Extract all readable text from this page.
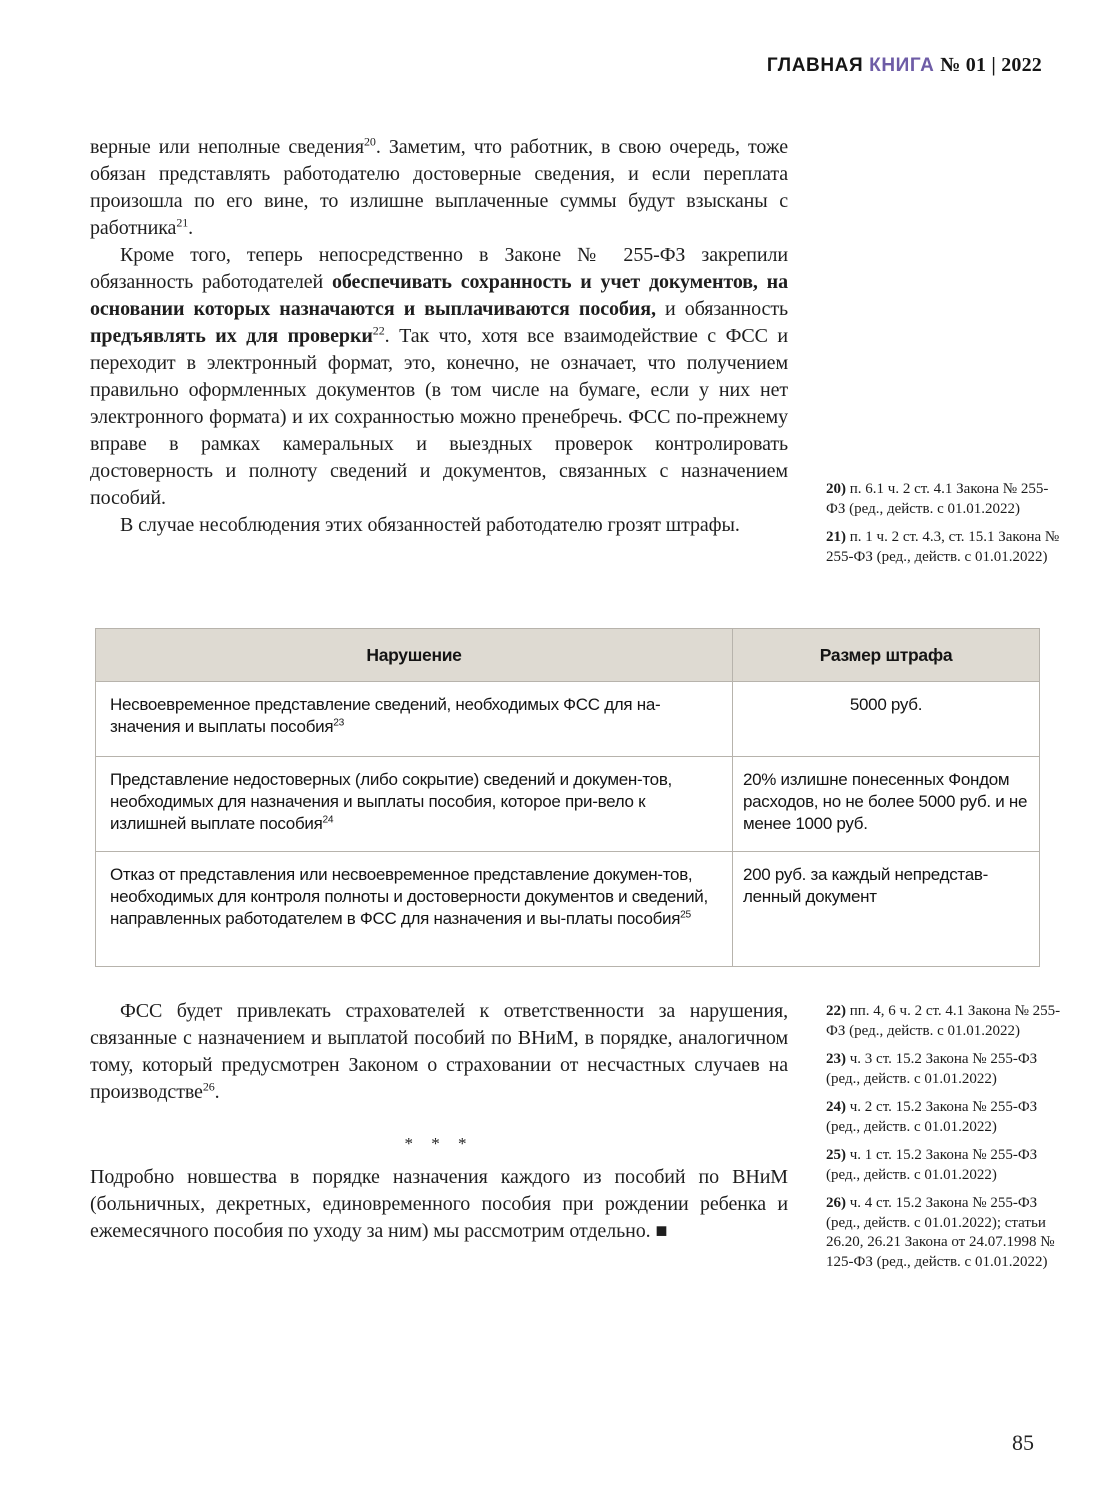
ГЛАВНАЯ КНИГА № 01 | 2022

верные или неполные сведения$^{20}$. Заметим, что работник, в свою очередь, тоже обязан представлять работодателю достоверные сведения, и если переплата произошла по его вине, то излишне выплаченные суммы будут взысканы с работника$^{21}$.

Кроме того, теперь непосредственно в Законе № 255-ФЗ закрепили обязанность работодателей обеспечивать сохранность и учет документов, на основании которых назначаются и выплачиваются пособия, и обязанность предъявлять их для проверки$^{22}$. Так что, хотя все взаимодействие с ФСС и переходит в электронный формат, это, конечно, не означает, что получением правильно оформленных документов (в том числе на бумаге, если у них нет электронного формата) и их сохранностью можно пренебречь. ФСС по-прежнему вправе в рамках камеральных и выездных проверок контролировать достоверность и полноту сведений и документов, связанных с назначением пособий.

В случае несоблюдения этих обязанностей работодателю грозят штрафы.

20) п. 6.1 ч. 2 ст. 4.1 Закона № 255-ФЗ (ред., действ. с 01.01.2022)

21) п. 1 ч. 2 ст. 4.3, ст. 15.1 Закона № 255-ФЗ (ред., действ. с 01.01.2022)

Нарушение	Размер штрафа
Несвоевременное представление сведений, необходимых ФСС для на-значения и выплаты пособия$^{23}$	5000 руб.
Представление недостоверных (либо сокрытие) сведений и докумен-тов, необходимых для назначения и выплаты пособия, которое при-вело к излишней выплате пособия$^{24}$	20% излишне понесенных Фондом расходов, но не более 5000 руб. и не менее 1000 руб.
Отказ от представления или несвоевременное представление докумен-тов, необходимых для контроля полноты и достоверности документов и сведений, направленных работодателем в ФСС для назначения и вы-платы пособия$^{25}$	200 руб. за каждый непредстав-ленный документ

ФСС будет привлекать страхователей к ответственности за нарушения, связанные с назначением и выплатой пособий по ВНиМ, в порядке, аналогичном тому, который предусмотрен Законом о страховании от несчастных случаев на производстве$^{26}$.

* * *

Подробно новшества в порядке назначения каждого из пособий по ВНиМ (больничных, декретных, единовременного пособия при рождении ребенка и ежемесячного пособия по уходу за ним) мы рассмотрим отдельно. ■

22) пп. 4, 6 ч. 2 ст. 4.1 Закона № 255-ФЗ (ред., действ. с 01.01.2022)

23) ч. 3 ст. 15.2 Закона № 255-ФЗ (ред., действ. с 01.01.2022)

24) ч. 2 ст. 15.2 Закона № 255-ФЗ (ред., действ. с 01.01.2022)

25) ч. 1 ст. 15.2 Закона № 255-ФЗ (ред., действ. с 01.01.2022)

26) ч. 4 ст. 15.2 Закона № 255-ФЗ (ред., действ. с 01.01.2022); статьи 26.20, 26.21 Закона от 24.07.1998 № 125-ФЗ (ред., действ. с 01.01.2022)

85
